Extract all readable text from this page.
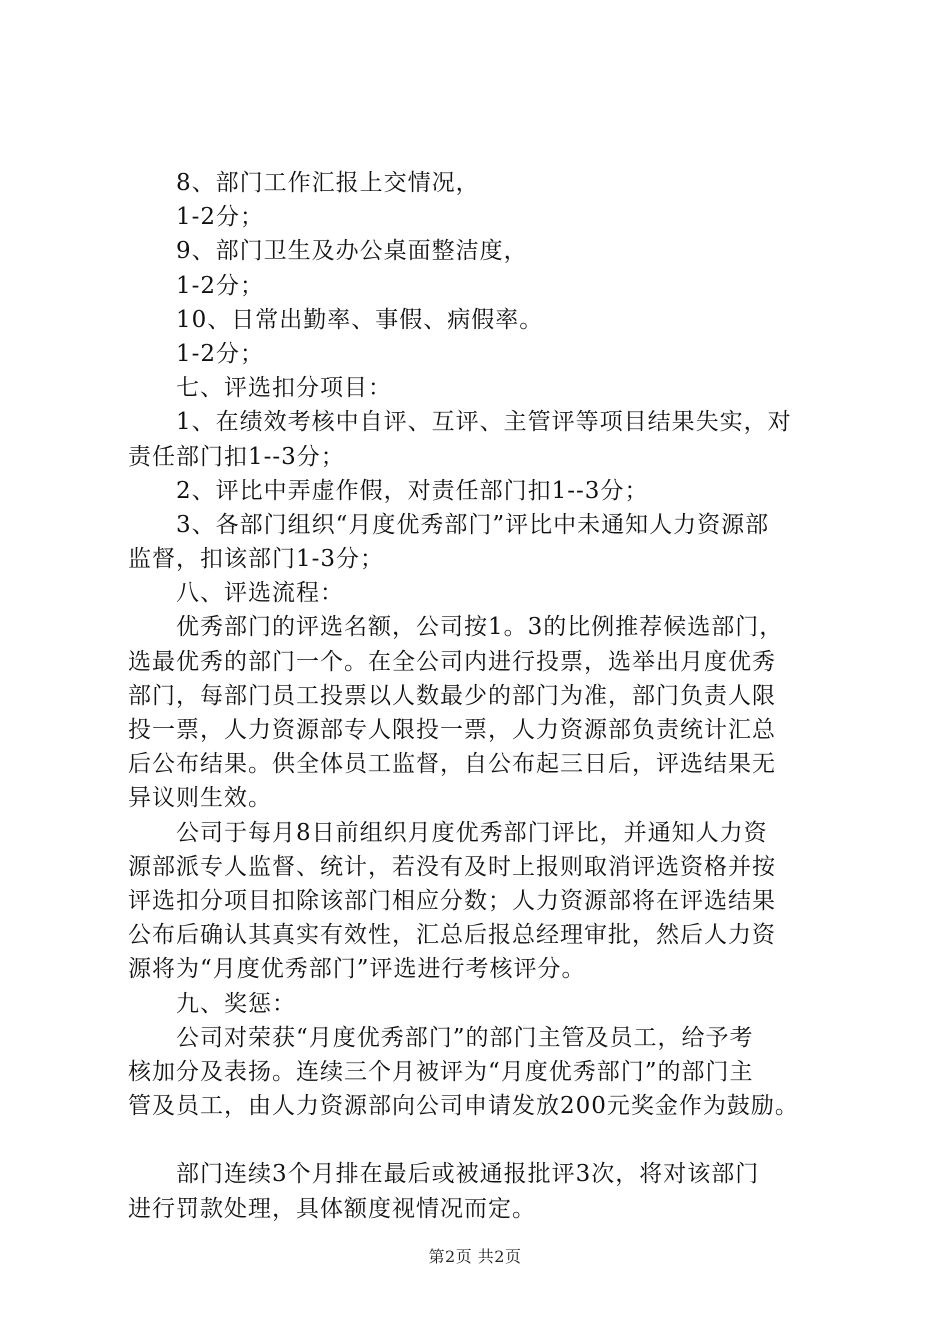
8、部门工作汇报上交情况，
1-2分；
9、部门卫生及办公桌面整洁度，
1-2分；
10、日常出勤率、事假、病假率。
1-2分；
七、评选扣分项目：
1、在绩效考核中自评、互评、主管评等项目结果失实，对
责任部门扣1--3分；
2、评比中弄虚作假，对责任部门扣1--3分；
3、各部门组织“月度优秀部门”评比中未通知人力资源部
监督，扣该部门1-3分；
八、评选流程：
优秀部门的评选名额，公司按1。3的比例推荐候选部门，
选最优秀的部门一个。在全公司内进行投票，选举出月度优秀
部门，每部门员工投票以人数最少的部门为准，部门负责人限
投一票，人力资源部专人限投一票，人力资源部负责统计汇总
后公布结果。供全体员工监督，自公布起三日后，评选结果无
异议则生效。
公司于每月8日前组织月度优秀部门评比，并通知人力资
源部派专人监督、统计，若没有及时上报则取消评选资格并按
评选扣分项目扣除该部门相应分数；人力资源部将在评选结果
公布后确认其真实有效性，汇总后报总经理审批，然后人力资
源将为“月度优秀部门”评选进行考核评分。
九、奖惩：
公司对荣获“月度优秀部门”的部门主管及员工，给予考
核加分及表扬。连续三个月被评为“月度优秀部门”的部门主
管及员工，由人力资源部向公司申请发放200元奖金作为鼓励。
部门连续3个月排在最后或被通报批评3次，将对该部门
进行罚款处理，具体额度视情况而定。
第2页 共2页
